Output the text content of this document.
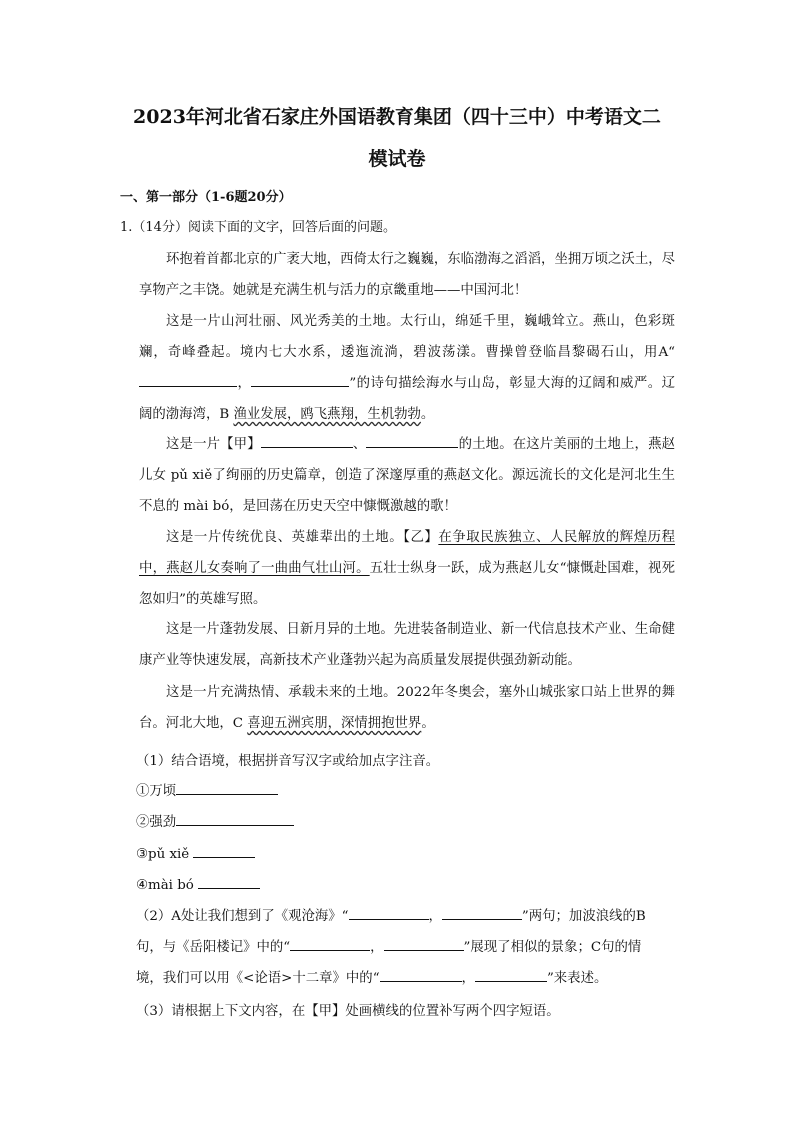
2023年河北省石家庄外国语教育集团（四十三中）中考语文二
模试卷
一、第一部分（1-6题20分）
1.（14分）阅读下面的文字，回答后面的问题。

环抱着首都北京的广袤大地，西倚太行之巍巍，东临渤海之滔滔，坐拥万顷之沃土，尽享物产之丰饶。她就是充满生机与活力的京畿重地——中国河北！

这是一片山河壮丽、风光秀美的土地。太行山，绵延千里，巍峨耸立。燕山，色彩斑斓，奇峰叠起。境内七大水系，逶迤流淌，碧波荡漾。曹操曾登临昌黎碣石山，用A“，	”的诗句描绘海水与山岛，彰显大海的辽阔和威严。辽阔的渤海湾，B 渔业发展，鸥飞燕翔，生机勃勃。

这是一片【甲】	、	的土地。在这片美丽的土地上，燕赵儿女 pǔ xiě了绚丽的历史篇章，创造了深邃厚重的燕赵文化。源远流长的文化是河北生生不息的 mài bó，是回荡在历史天空中慷慨激越的歌！

这是一片传统优良、英雄辈出的土地。【乙】在争取民族独立、人民解放的辉煌历程中，燕赵儿女奏响了一曲曲气壮山河。五壮士纵身一跃，成为燕赵儿女“慷慨赴国难，视死忽如归”的英雄写照。

这是一片蓬勃发展、日新月异的土地。先进装备制造业、新一代信息技术产业、生命健康产业等快速发展，高新技术产业蓬勃兴起为高质量发展提供强劲新动能。

这是一片充满热情、承载未来的土地。2022年冬奥会，塞外山城张家口站上世界的舞台。河北大地，C 喜迎五洲宾朋，深情拥抱世界。

（1）结合语境，根据拼音写汉字或给加点字注音。
①万顷
②强劲
③pǔ xiě
④mài bó
（2）A处让我们想到了《观沧海》“	，	”两句；加波浪线的B
句，与《岳阳楼记》中的“	，	”展现了相似的景象；C句的情
境，我们可以用《<论语>十二章》中的“	，	”来表述。
（3）请根据上下文内容，在【甲】处画横线的位置补写两个四字短语。
